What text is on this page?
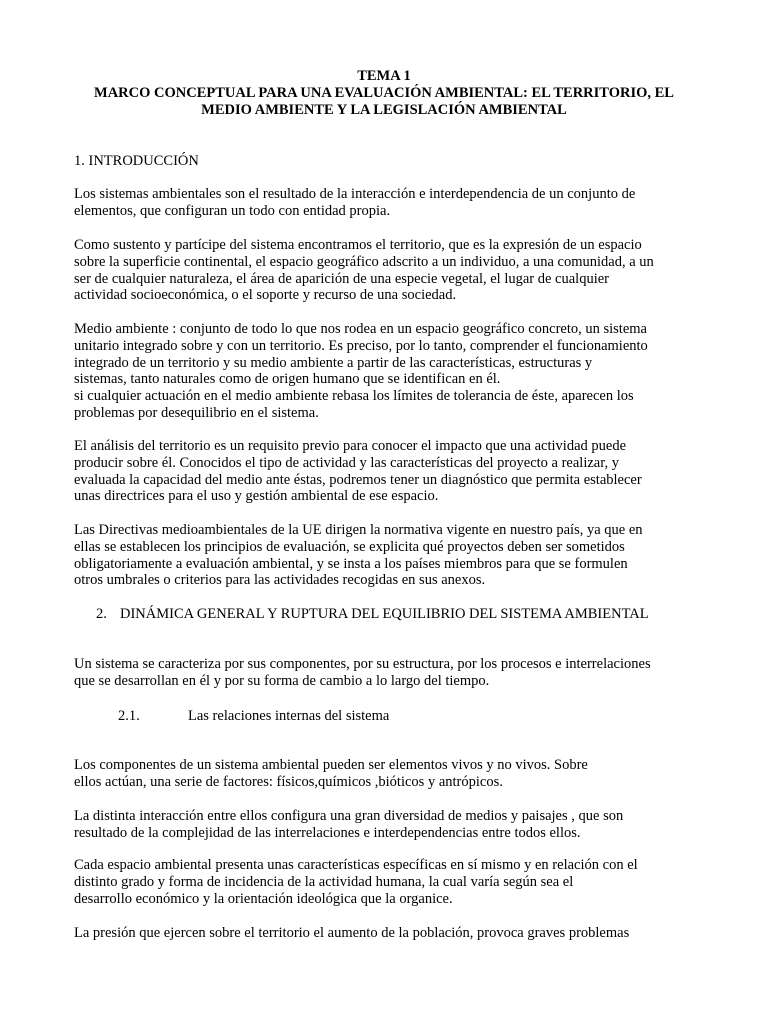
TEMA 1
MARCO CONCEPTUAL PARA UNA EVALUACIÓN AMBIENTAL: EL TERRITORIO, EL
MEDIO AMBIENTE Y LA LEGISLACIÓN AMBIENTAL
1. INTRODUCCIÓN
Los sistemas ambientales son el resultado de la interacción e interdependencia de un conjunto de
elementos, que configuran un todo con entidad propia.
Como sustento y partícipe del sistema encontramos el territorio, que es la expresión de un espacio
sobre la superficie continental, el espacio geográfico adscrito a un individuo, a una comunidad, a un
ser de cualquier naturaleza, el área de aparición de una especie vegetal, el lugar de cualquier
actividad socioeconómica, o el soporte y recurso de una sociedad.
Medio ambiente : conjunto de todo lo que nos rodea en un espacio geográfico concreto, un sistema
unitario integrado sobre y con un territorio. Es preciso, por lo tanto, comprender el funcionamiento
integrado de un territorio y su medio ambiente a partir de las características, estructuras y
sistemas, tanto naturales como de origen humano que se identifican en él.
si cualquier actuación en el medio ambiente rebasa los límites de tolerancia de éste, aparecen los
problemas por desequilibrio en el sistema.
El análisis del territorio es un requisito previo para conocer el impacto que una actividad puede
producir sobre él. Conocidos el tipo de actividad y las características del proyecto a realizar, y
evaluada la capacidad del medio ante éstas, podremos tener un diagnóstico que permita establecer
unas directrices para el uso y gestión ambiental de ese espacio.
Las Directivas medioambientales de la UE dirigen la normativa vigente en nuestro país, ya que en
ellas se establecen los principios de evaluación, se explicita qué proyectos deben ser sometidos
obligatoriamente a evaluación ambiental, y se insta a los países miembros para que se formulen
otros umbrales o criterios para las actividades recogidas en sus anexos.
2. DINÁMICA GENERAL Y RUPTURA DEL EQUILIBRIO DEL SISTEMA AMBIENTAL
Un sistema se caracteriza por sus componentes, por su estructura, por los procesos e interrelaciones
que se desarrollan en él y por su forma de cambio a lo largo del tiempo.
2.1.	Las relaciones internas del sistema
Los componentes de un sistema ambiental pueden ser elementos vivos y no vivos. Sobre
ellos actúan, una serie de factores: físicos,químicos ,bióticos y antrópicos.
La distinta interacción entre ellos configura una gran diversidad de medios y paisajes , que son
resultado de la complejidad de las interrelaciones e interdependencias entre todos ellos.
Cada espacio ambiental presenta unas características específicas en sí mismo y en relación con el
distinto grado y forma de incidencia de la actividad humana, la cual varía según sea el
desarrollo económico y la orientación ideológica que la organice.
La presión que ejercen sobre el territorio el aumento de la población, provoca graves problemas
